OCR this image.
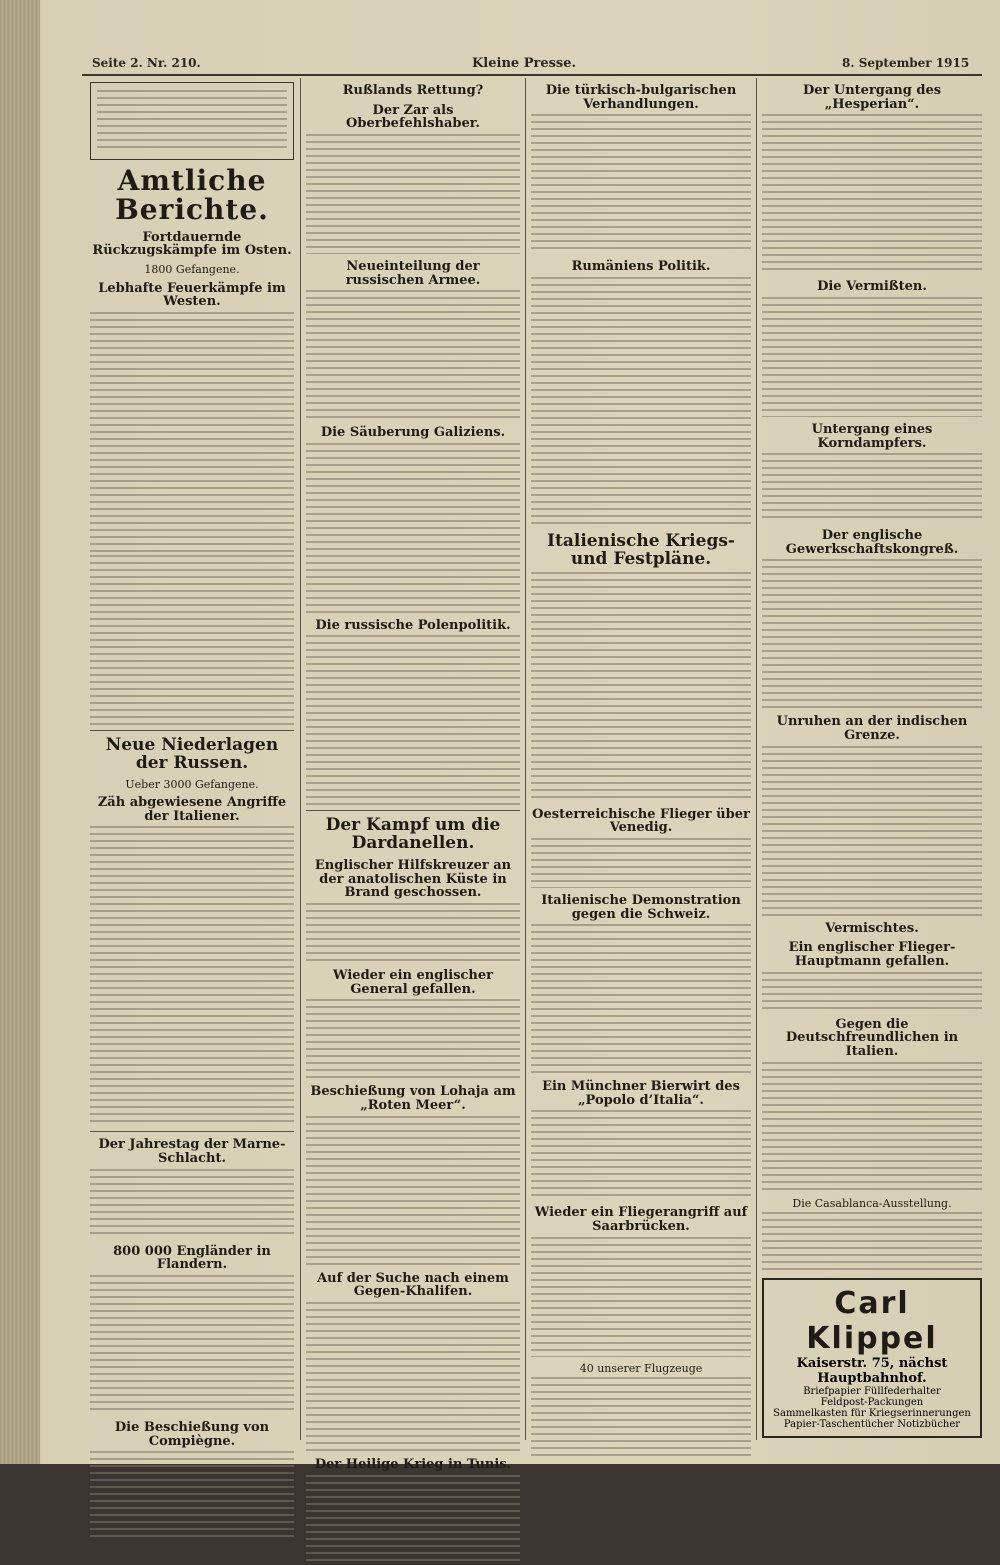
Seite 2. Nr. 210.	Kleine Presse.	8. September 1915
Amtliche Berichte.
Fortdauernde Rückzugskämpfe im Osten.
1800 Gefangene.
Lebhafte Feuerkämpfe im Westen.
Neue Niederlagen der Russen.
Ueber 3000 Gefangene.
Zäh abgewiesene Angriffe der Italiener.
Der Jahrestag der Marne-Schlacht.
800 000 Engländer in Flandern.
Die Beschießung von Compiègne.
Rußlands Rettung?
Der Zar als Oberbefehlshaber.
Neueinteilung der russischen Armee.
Die Säuberung Galiziens.
Die russische Polenpolitik.
Der Kampf um die Dardanellen.
Englischer Hilfskreuzer an der anatolischen Küste in Brand geschossen.
Wieder ein englischer General gefallen.
Beschießung von Lohaja am „Roten Meer“.
Auf der Suche nach einem Gegen-Khalifen.
Der Heilige Krieg in Tunis.
Die türkisch-bulgarischen Verhandlungen.
Rumäniens Politik.
Italienische Kriegs- und Festpläne.
Oesterreichische Flieger über Venedig.
Italienische Demonstration gegen die Schweiz.
Ein Münchner Bierwirt des „Popolo d’Italia“.
Wieder ein Fliegerangriff auf Saarbrücken.
40 unserer Flugzeuge
Der Untergang des „Hesperian“.
Die Vermißten.
Untergang eines Korndampfers.
Der englische Gewerkschaftskongreß.
Unruhen an der indischen Grenze.
Vermischtes.
Ein englischer Flieger-Hauptmann gefallen.
Gegen die Deutschfreundlichen in Italien.
Die Casablanca-Ausstellung.
Carl Klippel
Kaiserstr. 75, nächst Hauptbahnhof.
Briefpapier Füllfederhalter
Feldpost-Packungen
Sammelkasten für Kriegserinnerungen
Papier-Taschentücher Notizbücher
